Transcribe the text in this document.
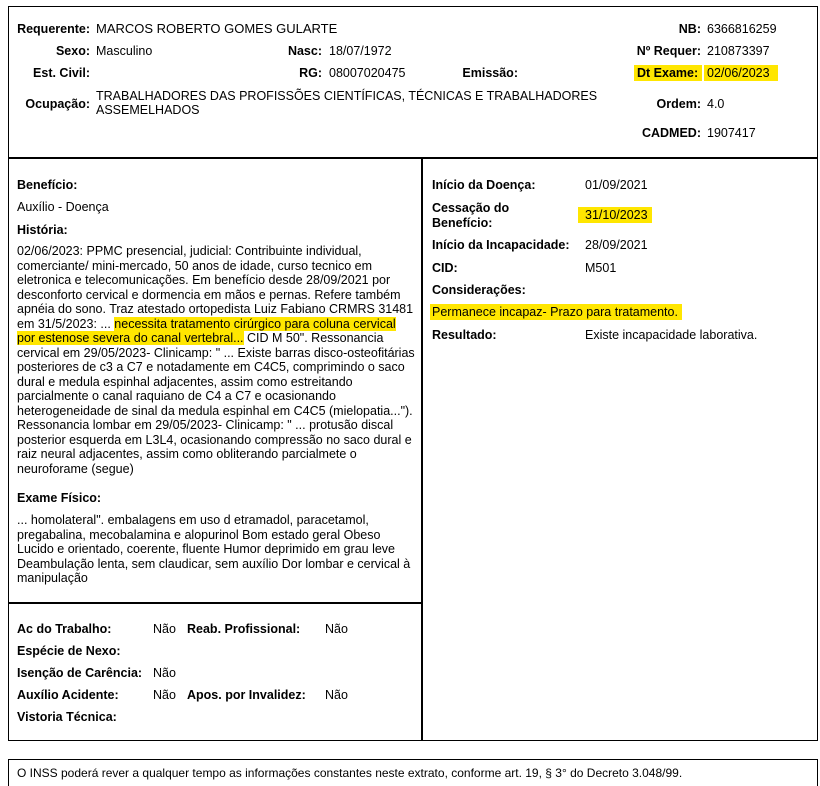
Requerente: MARCOS ROBERTO GOMES GULARTE	NB: 6366816259
Sexo: Masculino	Nasc: 18/07/1972	Nº Requer: 210873397
Est. Civil:	RG: 08007020475	Emissão:	Dt Exame: 02/06/2023
Ocupação:
TRABALHADORES DAS PROFISSÕES CIENTÍFICAS, TÉCNICAS E TRABALHADORES ASSEMELHADOS	Ordem: 4.0
CADMED: 1907417
Benefício:
Auxílio - Doença
História:
02/06/2023: PPMC presencial, judicial: Contribuinte individual, comerciante/ mini-mercado, 50 anos de idade, curso tecnico em eletronica e telecomunicações. Em benefício desde 28/09/2021 por desconforto cervical e dormencia em mãos e pernas. Refere também apnéia do sono. Traz atestado ortopedista Luiz Fabiano CRMRS 31481 em 31/5/2023: ... necessita tratamento cirúrgico para coluna cervical por estenose severa do canal vertebral... CID M 50". Ressonancia cervical em 29/05/2023- Clinicamp: " ... Existe barras disco-osteofitárias posteriores de c3 a C7 e notadamente em C4C5, comprimindo o saco dural e medula espinhal adjacentes, assim como estreitando parcialmente o canal raquiano de C4 a C7 e ocasionando heterogeneidade de sinal da medula espinhal em C4C5 (mielopatia..."). Ressonancia lombar em 29/05/2023- Clinicamp: " ... protusão discal posterior esquerda em L3L4, ocasionando compressão no saco dural e raiz neural adjacentes, assim como obliterando parcialmete o neuroforame (segue)
Exame Físico:
... homolateral". embalagens em uso d etramadol, paracetamol, pregabalina, mecobalamina e alopurinol Bom estado geral Obeso Lucido e orientado, coerente, fluente Humor deprimido em grau leve Deambulação lenta, sem claudicar, sem auxílio Dor lombar e cervical à manipulação
Início da Doença:	01/09/2021
Cessação do
Benefício:
31/10/2023
Início da Incapacidade: 28/09/2021
CID:	M501
Considerações:
Permanece incapaz- Prazo para tratamento.
Resultado:	Existe incapacidade laborativa.
Ac do Trabalho:	Não Reab. Profissional: Não
Espécie de Nexo:
Isenção de Carência: Não
Auxílio Acidente:	Não Apos. por Invalidez: Não
Vistoria Técnica:
O INSS poderá rever a qualquer tempo as informações constantes neste extrato, conforme art. 19, § 3° do Decreto 3.048/99.
